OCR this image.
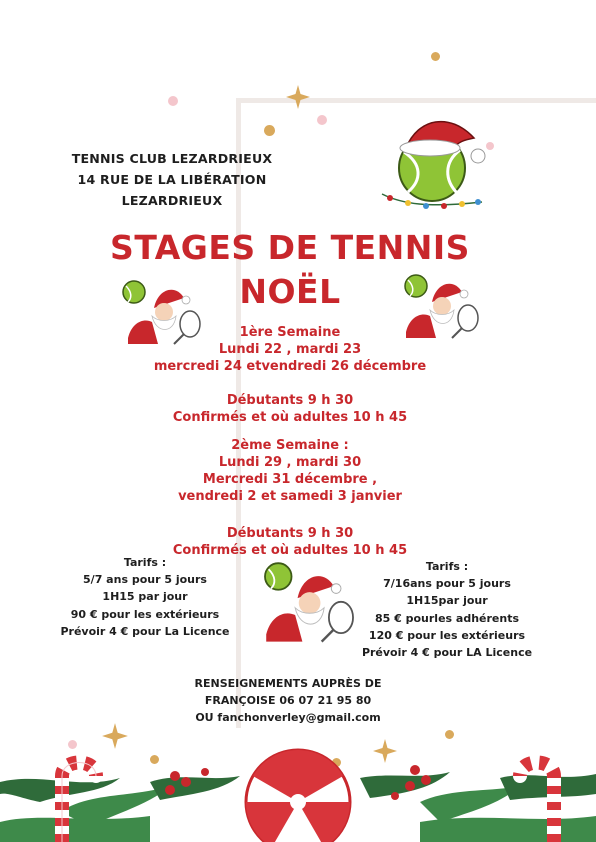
TENNIS CLUB LEZARDRIEUX
14 RUE DE LA LIBÉRATION
LEZARDRIEUX
STAGES DE TENNIS
NOËL
1ère Semaine
Lundi 22 , mardi 23
mercredi 24 etvendredi 26 décembre
Débutants 9 h 30
Confirmés et où adultes 10 h 45
2ème Semaine :
Lundi 29 , mardi 30
Mercredi 31 décembre ,
vendredi 2 et samedi 3 janvier
Débutants 9 h 30
Confirmés et où adultes 10 h 45
Tarifs :
5/7 ans pour 5 jours
1H15 par jour
90 € pour les extérieurs
Prévoir 4 € pour La Licence
Tarifs :
7/16ans pour 5 jours
1H15par jour
85 € pourles adhérents
120 € pour les extérieurs
Prévoir 4 € pour LA Licence
RENSEIGNEMENTS AUPRÈS DE
FRANÇOISE 06 07 21 95 80
OU fanchonverley@gmail.com
